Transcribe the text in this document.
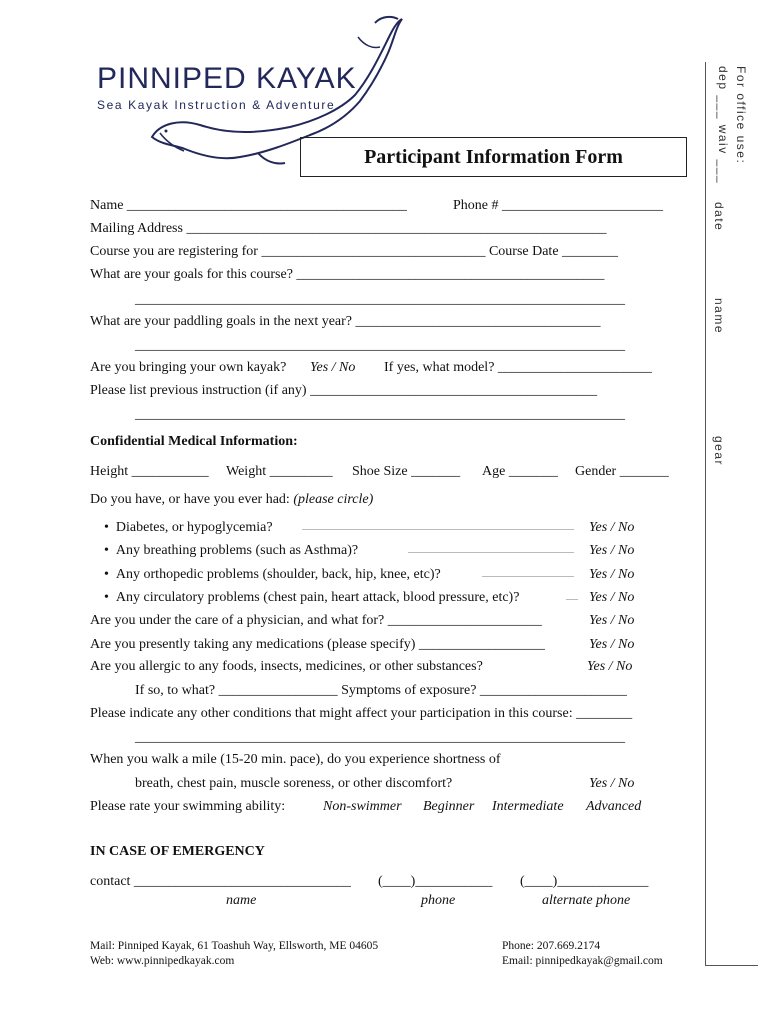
PINNIPED KAYAK
Sea Kayak Instruction & Adventure
Participant Information Form	For office use:
dep ___ waiv ___
date
name
gear
Name ________________________________________	Phone # _______________________
Mailing Address ____________________________________________________________
Course you are registering for ________________________________ Course Date ________
What are your goals for this course? ____________________________________________
______________________________________________________________________
What are your paddling goals in the next year? ___________________________________
______________________________________________________________________
Are you bringing your own kayak? Yes / No If yes, what model? ______________________
Please list previous instruction (if any) _________________________________________
______________________________________________________________________
Confidential Medical Information:
Height ___________ Weight _________ Shoe Size _______ Age _______ Gender _______
Do you have, or have you ever had: (please circle)
•  Diabetes, or hypoglycemia?	Yes / No
•  Any breathing problems (such as Asthma)?	Yes / No
•  Any orthopedic problems (shoulder, back, hip, knee, etc)?	Yes / No
•  Any circulatory problems (chest pain, heart attack, blood pressure, etc)?	Yes / No
Are you under the care of a physician, and what for? ______________________	Yes / No
Are you presently taking any medications (please specify) __________________	Yes / No
Are you allergic to any foods, insects, medicines, or other substances?	Yes / No
If so, to what? _________________ Symptoms of exposure? _____________________
Please indicate any other conditions that might affect your participation in this course: ________
______________________________________________________________________
When you walk a mile (15-20 min. pace), do you experience shortness of
breath, chest pain, muscle soreness, or other discomfort?	Yes / No
Please rate your swimming ability:	Non-swimmer Beginner Intermediate Advanced
IN CASE OF EMERGENCY
contact _______________________________ (____)___________ (____)_____________
name	phone	alternate phone
Mail: Pinniped Kayak, 61 Toashuh Way, Ellsworth, ME 04605
Web: www.pinnipedkayak.com
Phone: 207.669.2174
Email: pinnipedkayak@gmail.com
